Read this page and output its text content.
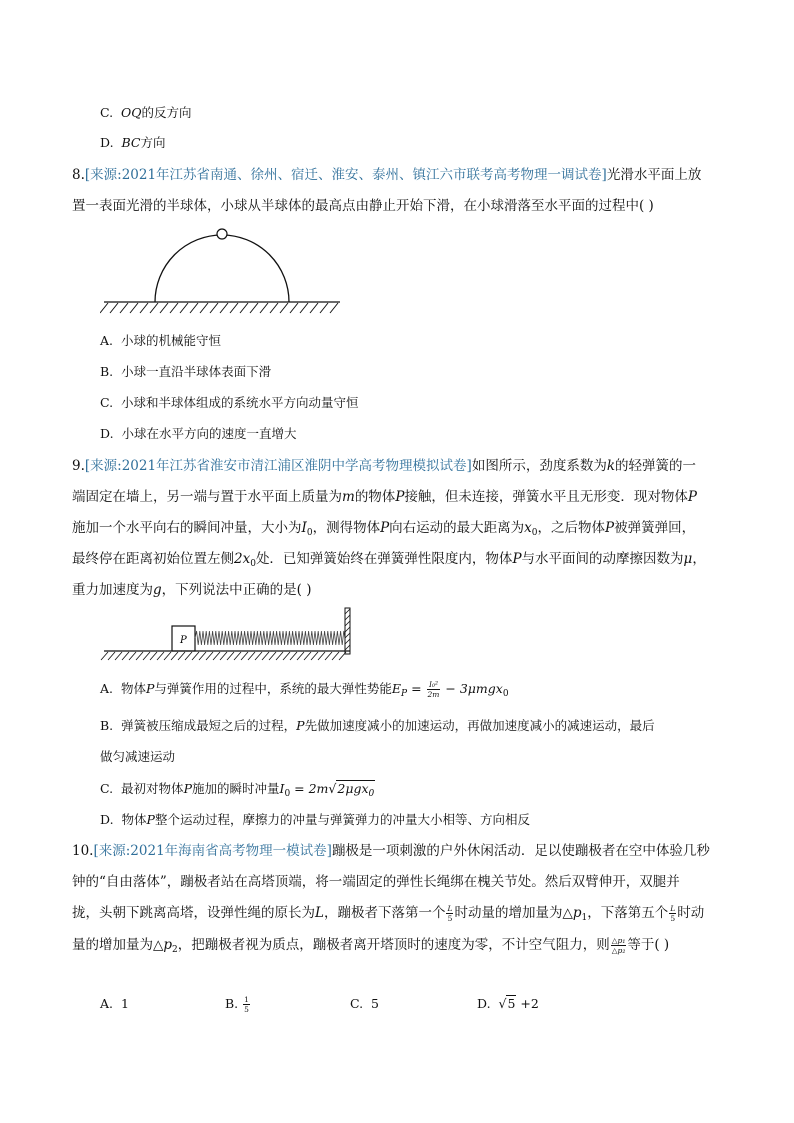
C. OQ的反方向
D. BC方向
8.[来源:2021年江苏省南通、徐州、宿迁、淮安、泰州、镇江六市联考高考物理一调试卷]光滑水平面上放
置一表面光滑的半球体，小球从半球体的最高点由静止开始下滑，在小球滑落至水平面的过程中( )
A. 小球的机械能守恒
B. 小球一直沿半球体表面下滑
C. 小球和半球体组成的系统水平方向动量守恒
D. 小球在水平方向的速度一直增大
9.[来源:2021年江苏省淮安市清江浦区淮阴中学高考物理模拟试卷]如图所示，劲度系数为k的轻弹簧的一
端固定在墙上，另一端与置于水平面上质量为m的物体P接触，但未连接，弹簧水平且无形变．现对物体P
施加一个水平向右的瞬间冲量，大小为$I_0$，测得物体P向右运动的最大距离为$x_0$，之后物体P被弹簧弹回，
最终停在距离初始位置左侧$2x_0$处．已知弹簧始终在弹簧弹性限度内，物体P与水平面间的动摩擦因数为μ，
重力加速度为g，下列说法中正确的是( )
P
A. 物体P与弹簧作用的过程中，系统的最大弹性势能$E_P = \frac{\text{I₀²}}{2m} - 3\mu mgx_0$
B. 弹簧被压缩成最短之后的过程，P先做加速度减小的加速运动，再做加速度减小的减速运动，最后
做匀减速运动
C. 最初对物体P施加的瞬时冲量$I_0 = 2m√2\mu gx_0$
D. 物体P整个运动过程，摩擦力的冲量与弹簧弹力的冲量大小相等、方向相反
10.[来源:2021年海南省高考物理一模试卷]蹦极是一项刺激的户外休闲活动．足以使蹦极者在空中体验几秒
钟的“自由落体”，蹦极者站在高塔顶端，将一端固定的弹性长绳绑在槐关节处。然后双臂伸开，双腿并
拢，头朝下跳离高塔，设弹性绳的原长为L，蹦极者下落第一个 $\frac{L}{5}$ 时动量的增加量为$\triangle p_1$，下落第五个 $\frac{L}{5}$ 时动
量的增加量为$\triangle p_2$，把蹦极者视为质点，蹦极者离开塔顶时的速度为零，不计空气阻力，则 $\frac{\text{△p₁}}{\text{△p₂}}$ 等于( )
A. 1	B. $\frac{1}{5}$	C. 5	D. √5 +2
